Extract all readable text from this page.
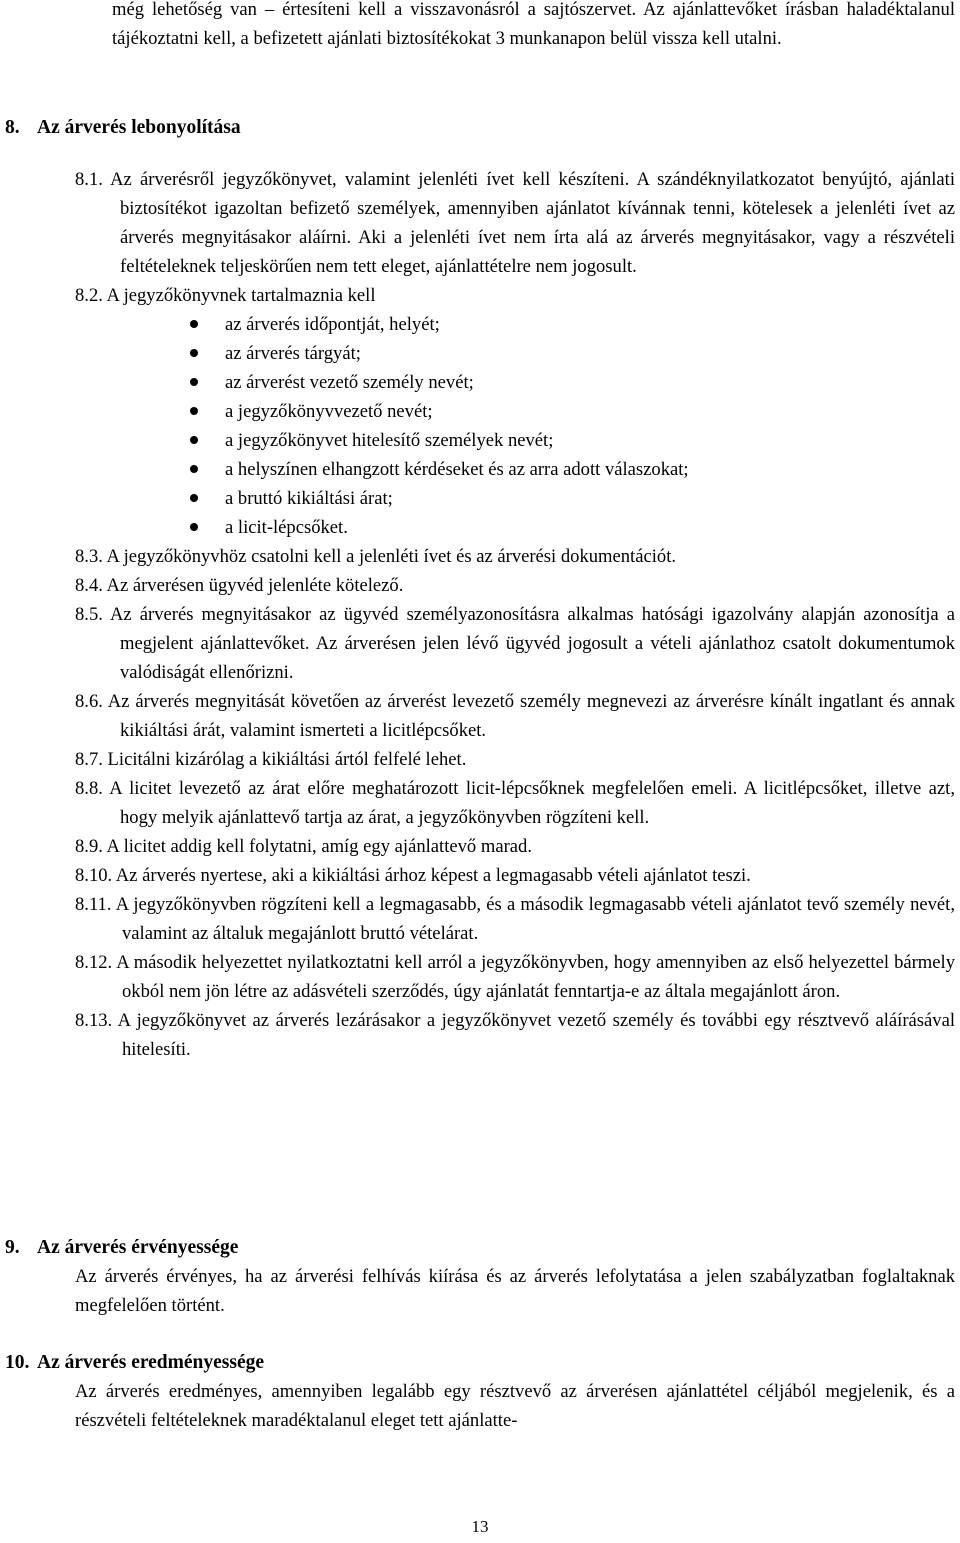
még lehetőség van – értesíteni kell a visszavonásról a sajtószervet. Az ajánlattevőket írásban haladéktalanul tájékoztatni kell, a befizetett ajánlati biztosítékokat 3 munkanapon belül vissza kell utalni.
8. Az árverés lebonyolítása
8.1. Az árverésről jegyzőkönyvet, valamint jelenléti ívet kell készíteni. A szándéknyilatkozatot benyújtó, ajánlati biztosítékot igazoltan befizető személyek, amennyiben ajánlatot kívánnak tenni, kötelesek a jelenléti ívet az árverés megnyitásakor aláírni. Aki a jelenléti ívet nem írta alá az árverés megnyitásakor, vagy a részvételi feltételeknek teljeskörűen nem tett eleget, ajánlattételre nem jogosult.
8.2. A jegyzőkönyvnek tartalmaznia kell
az árverés időpontját, helyét;
az árverés tárgyát;
az árverést vezető személy nevét;
a jegyzőkönyvvezető nevét;
a jegyzőkönyvet hitelesítő személyek nevét;
a helyszínen elhangzott kérdéseket és az arra adott válaszokat;
a bruttó kikiáltási árat;
a licit-lépcsőket.
8.3. A jegyzőkönyvhöz csatolni kell a jelenléti ívet és az árverési dokumentációt.
8.4. Az árverésen ügyvéd jelenléte kötelező.
8.5. Az árverés megnyitásakor az ügyvéd személyazonosításra alkalmas hatósági igazolvány alapján azonosítja a megjelent ajánlattevőket. Az árverésen jelen lévő ügyvéd jogosult a vételi ajánlathoz csatolt dokumentumok valódiságát ellenőrizni.
8.6. Az árverés megnyitását követően az árverést levezető személy megnevezi az árverésre kínált ingatlant és annak kikiáltási árát, valamint ismerteti a licitlépcsőket.
8.7. Licitálni kizárólag a kikiáltási ártól felfelé lehet.
8.8. A licitet levezető az árat előre meghatározott licit-lépcsőknek megfelelően emeli. A licitlépcsőket, illetve azt, hogy melyik ajánlattevő tartja az árat, a jegyzőkönyvben rögzíteni kell.
8.9. A licitet addig kell folytatni, amíg egy ajánlattevő marad.
8.10. Az árverés nyertese, aki a kikiáltási árhoz képest a legmagasabb vételi ajánlatot teszi.
8.11. A jegyzőkönyvben rögzíteni kell a legmagasabb, és a második legmagasabb vételi ajánlatot tevő személy nevét, valamint az általuk megajánlott bruttó vételárat.
8.12. A második helyezettet nyilatkoztatni kell arról a jegyzőkönyvben, hogy amennyiben az első helyezettel bármely okból nem jön létre az adásvételi szerződés, úgy ajánlatát fenntartja-e az általa megajánlott áron.
8.13. A jegyzőkönyvet az árverés lezárásakor a jegyzőkönyvet vezető személy és további egy résztvevő aláírásával hitelesíti.
9. Az árverés érvényessége
Az árverés érvényes, ha az árverési felhívás kiírása és az árverés lefolytatása a jelen szabályzatban foglaltaknak megfelelően történt.
10. Az árverés eredményessége
Az árverés eredményes, amennyiben legalább egy résztvevő az árverésen ajánlattétel céljából megjelenik, és a részvételi feltételeknek maradéktalanul eleget tett ajánlatte-
13
